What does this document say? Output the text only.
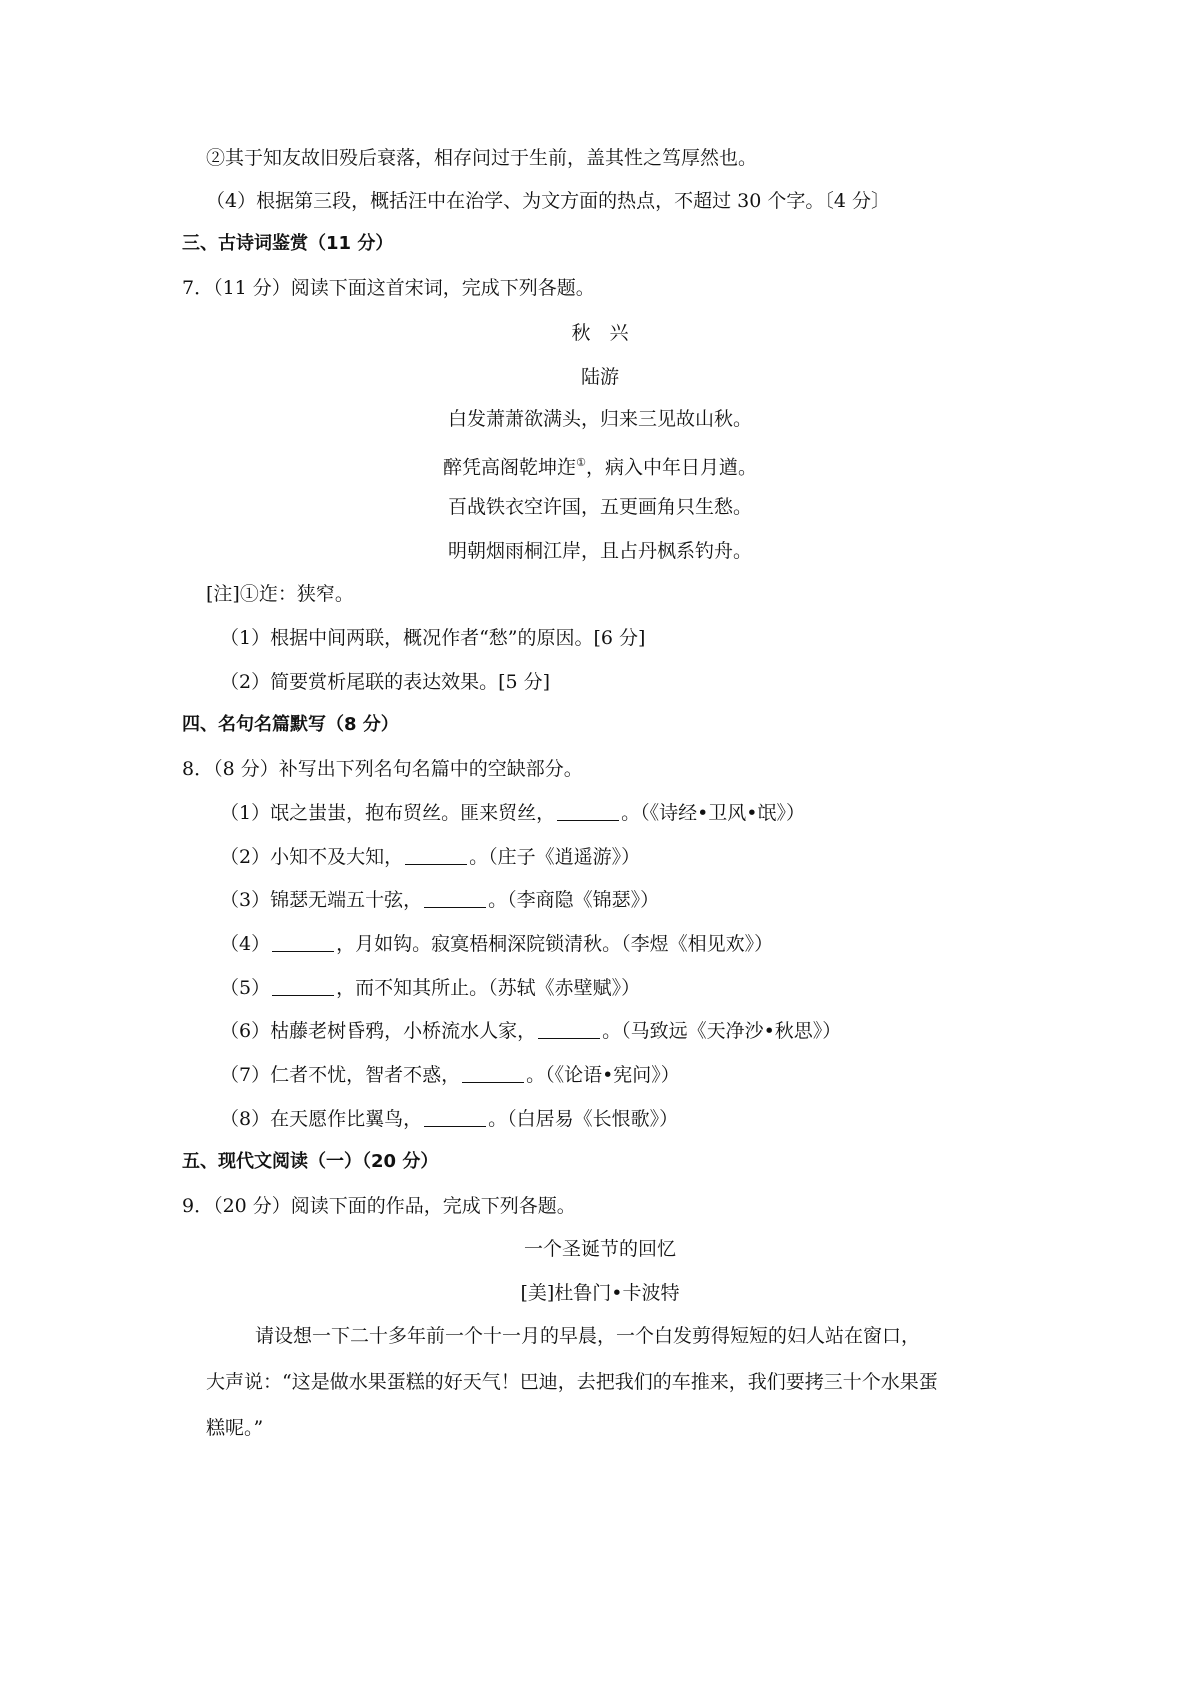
②其于知友故旧殁后衰落，相存问过于生前，盖其性之笃厚然也。
（4）根据第三段，概括汪中在治学、为文方面的热点，不超过 30 个字。〔4 分〕
三、古诗词鉴赏（11 分）
7．（11 分）阅读下面这首宋词，完成下列各题。
秋　兴
陆游
白发萧萧欲满头，归来三见故山秋。
醉凭高阁乾坤迮①，病入中年日月遒。
百战铁衣空许国，五更画角只生愁。
明朝烟雨桐江岸，且占丹枫系钓舟。
[注]①迮：狭窄。
（1）根据中间两联，概况作者“愁”的原因。[6 分]
（2）简要赏析尾联的表达效果。[5 分]
四、名句名篇默写（8 分）
8．（8 分）补写出下列名句名篇中的空缺部分。
（1）氓之蚩蚩，抱布贸丝。匪来贸丝，	。（《诗经•卫风•氓》）
（2）小知不及大知，	。（庄子《逍遥游》）
（3）锦瑟无端五十弦，	。（李商隐《锦瑟》）
（4）	，月如钩。寂寞梧桐深院锁清秋。（李煜《相见欢》）
（5）	，而不知其所止。（苏轼《赤壁赋》）
（6）枯藤老树昏鸦，小桥流水人家，	。（马致远《天净沙•秋思》）
（7）仁者不忧，智者不惑，	。（《论语•宪问》）
（8）在天愿作比翼鸟，	。（白居易《长恨歌》）
五、现代文阅读（一）（20 分）
9．（20 分）阅读下面的作品，完成下列各题。
一个圣诞节的回忆
[美]杜鲁门•卡波特
请设想一下二十多年前一个十一月的早晨，一个白发剪得短短的妇人站在窗口，
大声说：“这是做水果蛋糕的好天气！巴迪，去把我们的车推来，我们要拷三十个水果蛋
糕呢。”
